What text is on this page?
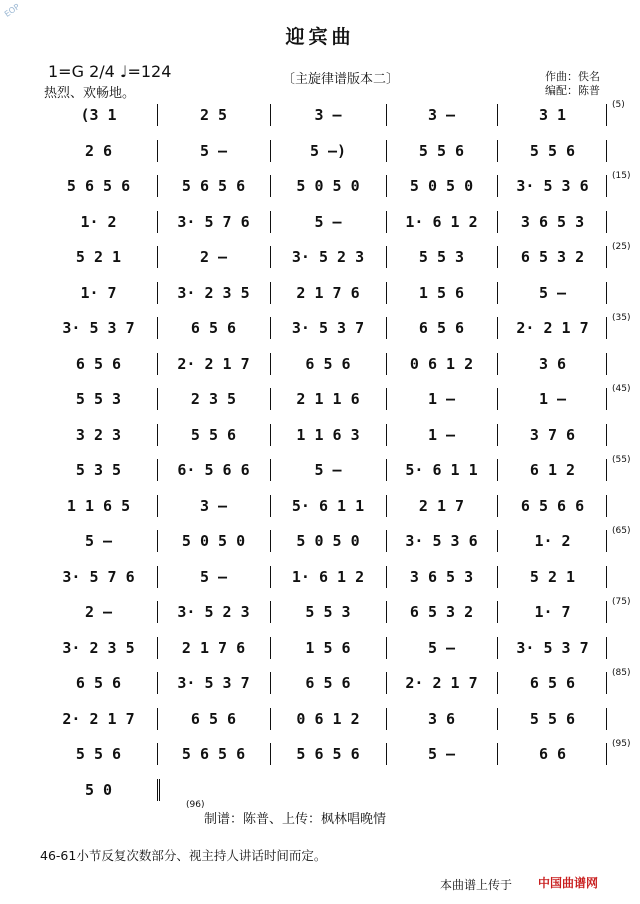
EOP
迎宾曲
1=G 2/4 ♩=124
热烈、欢畅地。
〔主旋律谱版本二〕	作曲：佚名
编配：陈普
(3 1	2 5	3 —	3 —	3 1
(5)
2 6	5 —	5 —)	5 5 6	5 5 6
5 6 5 6	5 6 5 6	5 0 5 0	5 0 5 0	3· 5 3 6
(15)
1· 2	3· 5 7 6	5 —	1· 6 1 2	3 6 5 3
5 2 1	2 —	3· 5 2 3	5 5 3	6 5 3 2
(25)
1· 7	3· 2 3 5	2 1 7 6	1 5 6	5 —
3· 5 3 7	6 5 6	3· 5 3 7	6 5 6	2· 2 1 7
(35)
6 5 6	2· 2 1 7	6 5 6	0 6 1 2	3 6
5 5 3	2 3 5	2 1 1 6	1 —	1 —
(45)
3 2 3	5 5 6	1 1 6 3	1 —	3 7 6
5 3 5	6· 5 6 6	5 —	5· 6 1 1	6 1 2
(55)
1 1 6 5	3 —	5· 6 1 1	2 1 7	6 5 6 6
5 —	5 0 5 0	5 0 5 0	3· 5 3 6	1· 2
(65)
3· 5 7 6	5 —	1· 6 1 2	3 6 5 3	5 2 1
2 —	3· 5 2 3	5 5 3	6 5 3 2	1· 7
(75)
3· 2 3 5	2 1 7 6	1 5 6	5 —	3· 5 3 7
6 5 6	3· 5 3 7	6 5 6	2· 2 1 7	6 5 6
(85)
2· 2 1 7	6 5 6	0 6 1 2	3 6	5 5 6
5 5 6	5 6 5 6	5 6 5 6	5 —	6 6
(95)
5 0
(96)
制谱：陈普、上传：枫林唱晚情
46-61小节反复次数部分、视主持人讲话时间而定。
本曲谱上传于 中国曲谱网
